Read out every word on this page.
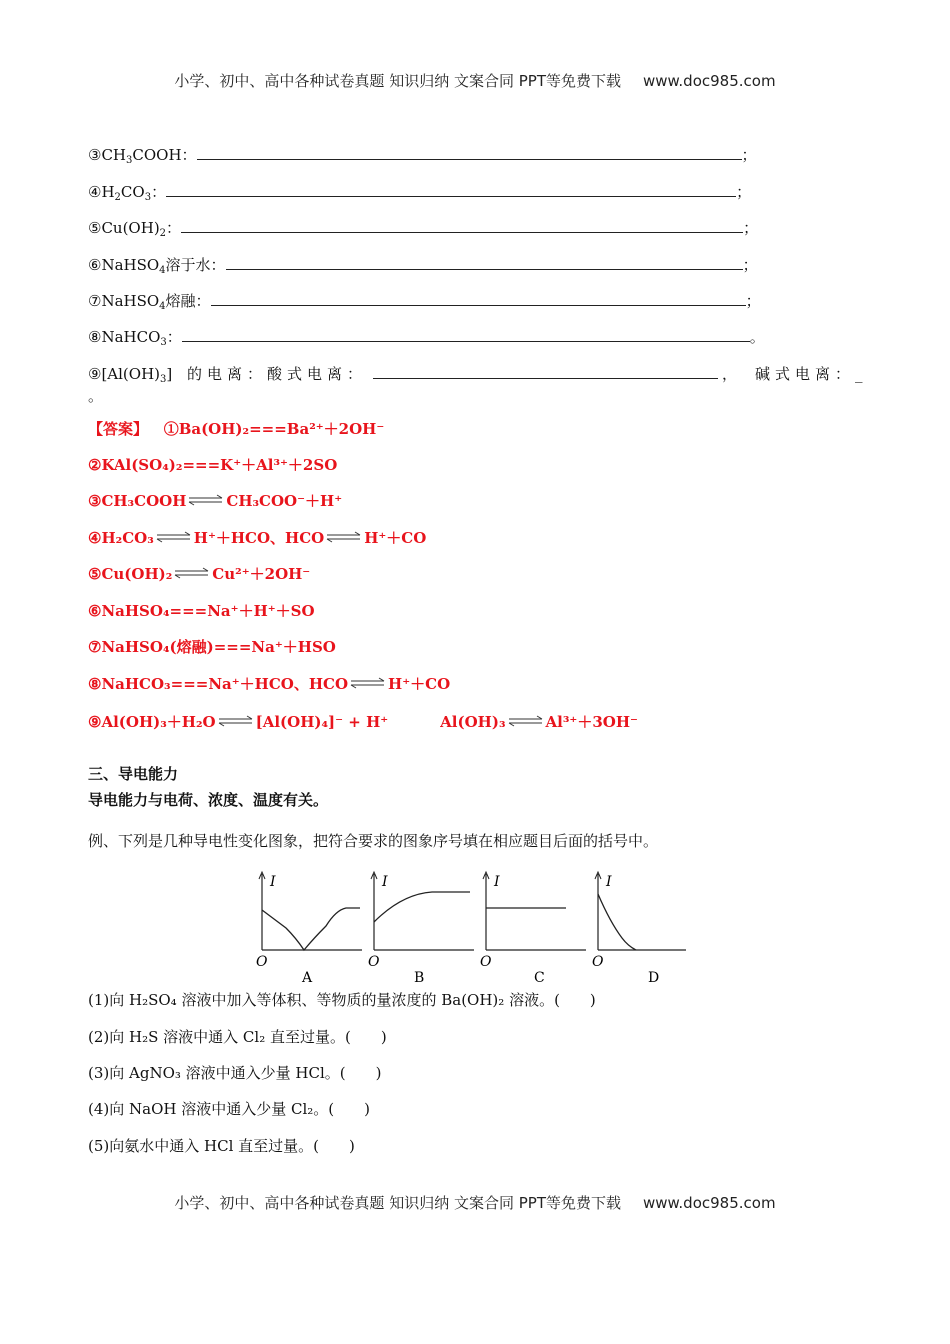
小学、初中、高中各种试卷真题 知识归纳 文案合同 PPT等免费下载 www.doc985.com
$③CH_3COOH$：	；
$④H_2CO_3$：	；
$⑤Cu(OH)_2$：	；
⑥NaHSO$_4$溶于水：	；
⑦NaHSO$_4$熔融：	；
⑧NaHCO$_3$：	。
$⑨[Al(OH)_3]$ 的电离：酸式电离：	， 碱式电离：_
。
【答案】 ①Ba(OH)₂===Ba²⁺＋2OH⁻
②KAl(SO₄)₂===K⁺＋Al³⁺＋2SO
③CH₃COOH⇌CH₃COO⁻＋H⁺
④H₂CO₃⇌H⁺＋HCO、HCO⇌H⁺＋CO
⑤Cu(OH)₂⇌Cu²⁺＋2OH⁻
⑥NaHSO₄===Na⁺＋H⁺＋SO
⑦NaHSO₄(熔融)===Na⁺＋HSO
⑧NaHCO₃===Na⁺＋HCO、HCO⇌H⁺＋CO
⑨Al(OH)₃＋H₂O⇌[Al(OH)₄]⁻ + H⁺	Al(OH)₃⇌Al³⁺＋3OH⁻
三、导电能力
导电能力与电荷、浓度、温度有关。
例、下列是几种导电性变化图象，把符合要求的图象序号填在相应题目后面的括号中。
I
O
A
I
O
B
I
O
C
I
O
D
(1)向 H₂SO₄ 溶液中加入等体积、等物质的量浓度的 Ba(OH)₂ 溶液。(　　)
(2)向 H₂S 溶液中通入 Cl₂ 直至过量。(　　)
(3)向 AgNO₃ 溶液中通入少量 HCl。(　　)
(4)向 NaOH 溶液中通入少量 Cl₂。(　　)
(5)向氨水中通入 HCl 直至过量。(　　)
小学、初中、高中各种试卷真题 知识归纳 文案合同 PPT等免费下载 www.doc985.com
